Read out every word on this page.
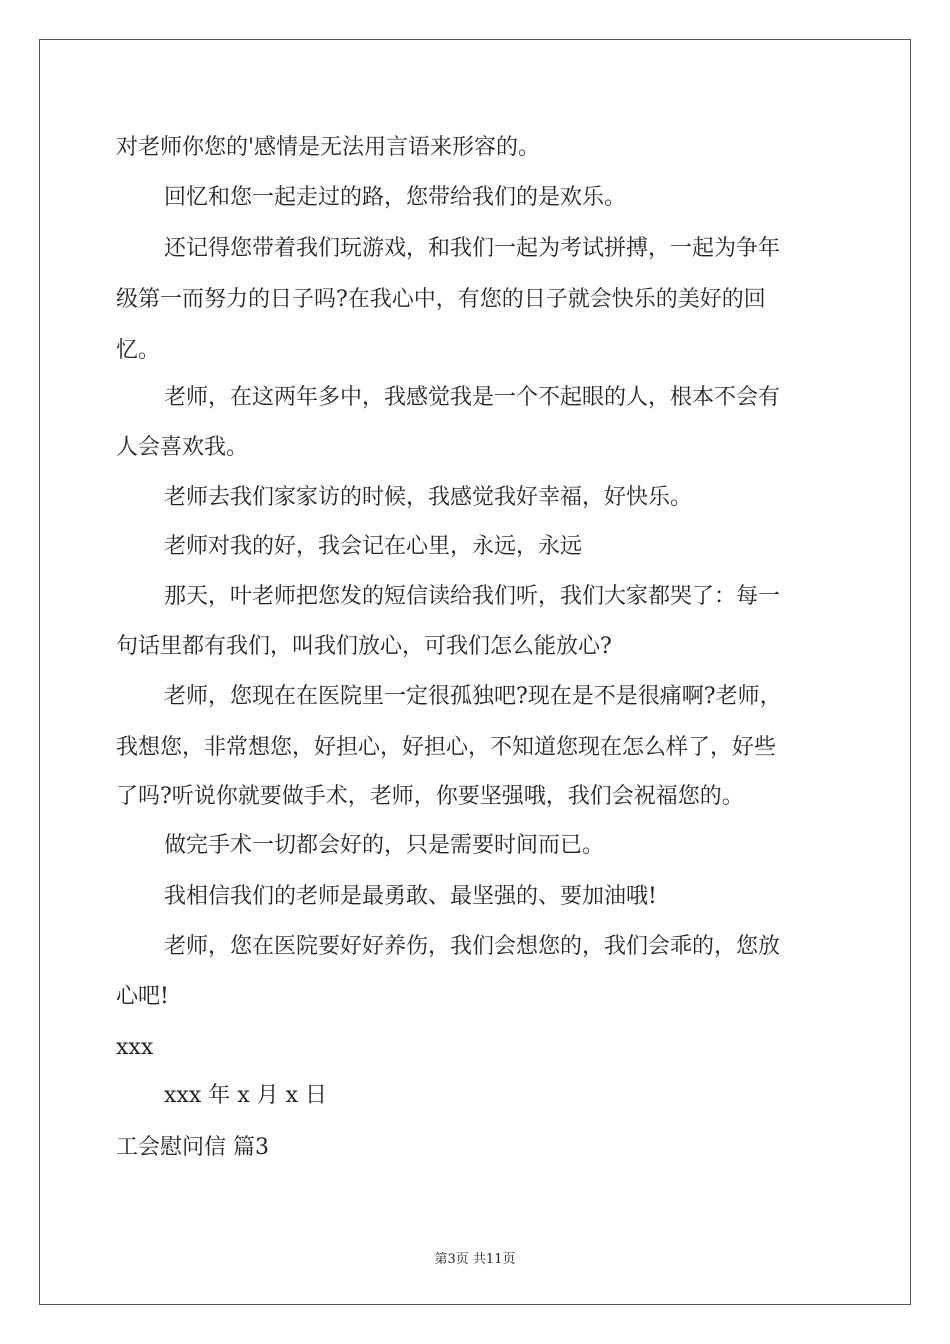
对老师你您的'感情是无法用言语来形容的。

回忆和您一起走过的路，您带给我们的是欢乐。

还记得您带着我们玩游戏，和我们一起为考试拼搏，一起为争年

级第一而努力的日子吗?在我心中，有您的日子就会快乐的美好的回

忆。

老师，在这两年多中，我感觉我是一个不起眼的人，根本不会有

人会喜欢我。

老师去我们家家访的时候，我感觉我好幸福，好快乐。

老师对我的好，我会记在心里，永远，永远

那天，叶老师把您发的短信读给我们听，我们大家都哭了：每一

句话里都有我们，叫我们放心，可我们怎么能放心?

老师，您现在在医院里一定很孤独吧?现在是不是很痛啊?老师，

我想您，非常想您，好担心，好担心，不知道您现在怎么样了，好些

了吗?听说你就要做手术，老师，你要坚强哦，我们会祝福您的。

做完手术一切都会好的，只是需要时间而已。

我相信我们的老师是最勇敢、最坚强的、要加油哦!

老师，您在医院要好好养伤，我们会想您的，我们会乖的，您放

心吧!

xxx

xxx 年 x 月 x 日

工会慰问信 篇3

第3页 共11页
